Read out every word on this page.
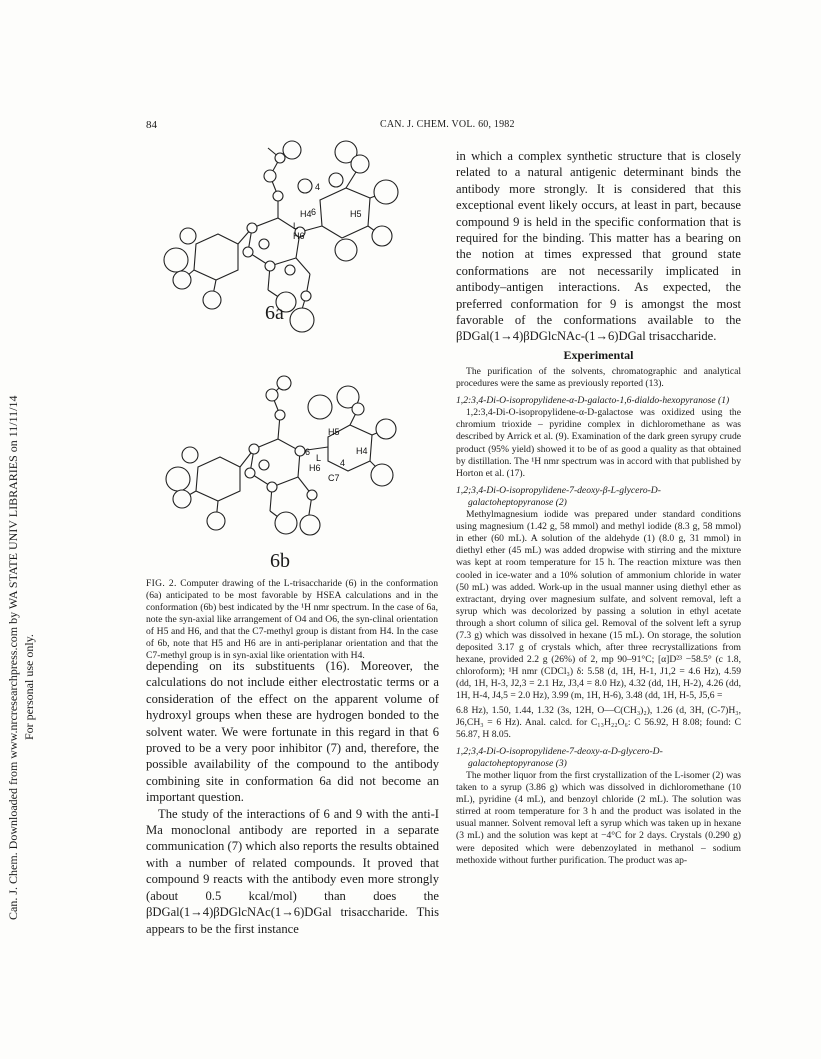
84	CAN. J. CHEM. VOL. 60, 1982
Can. J. Chem. Downloaded from www.nrcresearchpress.com by WA STATE UNIV LIBRARIES on 11/11/14 For personal use only.
4
H4	H5
L
H6
6
6a
H5
6
L
H6
H4
4
C7
6b
FIG. 2. Computer drawing of the L-trisaccharide (6) in the conformation (6a) anticipated to be most favorable by HSEA calculations and in the conformation (6b) best indicated by the ¹H nmr spectrum. In the case of 6a, note the syn-axial like arrangement of O4 and O6, the syn-clinal orientation of H5 and H6, and that the C7-methyl group is distant from H4. In the case of 6b, note that H5 and H6 are in anti-periplanar orientation and that the C7-methyl group is in syn-axial like orientation with H4.

depending on its substituents (16). Moreover, the calculations do not include either electrostatic terms or a consideration of the effect on the apparent volume of hydroxyl groups when these are hydrogen bonded to the solvent water. We were fortunate in this regard in that 6 proved to be a very poor inhibitor (7) and, therefore, the possible availability of the compound to the antibody combining site in conformation 6a did not become an important question.

The study of the interactions of 6 and 9 with the anti-I Ma monoclonal antibody are reported in a separate communication (7) which also reports the results obtained with a number of related compounds. It proved that compound 9 reacts with the antibody even more strongly (about 0.5 kcal/mol) than does the βDGal(1→4)βDGlcNAc(1→6)DGal trisaccharide. This appears to be the first instance

in which a complex synthetic structure that is closely related to a natural antigenic determinant binds the antibody more strongly. It is considered that this exceptional event likely occurs, at least in part, because compound 9 is held in the specific conformation that is required for the binding. This matter has a bearing on the notion at times expressed that ground state conformations are not necessarily implicated in antibody–antigen interactions. As expected, the preferred conformation for 9 is amongst the most favorable of the conformations available to the βDGal(1→4)βDGlcNAc-(1→6)DGal trisaccharide.

Experimental

The purification of the solvents, chromatographic and analytical procedures were the same as previously reported (13).

1,2:3,4-Di-O-isopropylidene-α-D-galacto-1,6-dialdo-hexopyranose (1)

1,2:3,4-Di-O-isopropylidene-α-D-galactose was oxidized using the chromium trioxide – pyridine complex in dichloromethane as was described by Arrick et al. (9). Examination of the dark green syrupy crude product (95% yield) showed it to be of as good a quality as that obtained by distillation. The ¹H nmr spectrum was in accord with that published by Horton et al. (17).

1,2;3,4-Di-O-isopropylidene-7-deoxy-β-L-glycero-D-galactoheptopyranose (2)

Methylmagnesium iodide was prepared under standard conditions using magnesium (1.42 g, 58 mmol) and methyl iodide (8.3 g, 58 mmol) in ether (60 mL). A solution of the aldehyde (1) (8.0 g, 31 mmol) in diethyl ether (45 mL) was added dropwise with stirring and the mixture was kept at room temperature for 15 h. The reaction mixture was then cooled in ice-water and a 10% solution of ammonium chloride in water (50 mL) was added. Work-up in the usual manner using diethyl ether as extractant, drying over magnesium sulfate, and solvent removal, left a syrup which was decolorized by passing a solution in ethyl acetate through a short column of silica gel. Removal of the solvent left a syrup (7.3 g) which was dissolved in hexane (15 mL). On storage, the solution deposited 3.17 g of crystals which, after three recrystallizations from hexane, provided 2.2 g (26%) of 2, mp 90–91°C; [α]D²³ −58.5° (c 1.8, chloroform); ¹H nmr (CDCl₃) δ: 5.58 (d, 1H, H-1, J1,2 = 4.6 Hz), 4.59 (dd, 1H, H-3, J2,3 = 2.1 Hz, J3,4 = 8.0 Hz), 4.32 (dd, 1H, H-2), 4.26 (dd, 1H, H-4, J4,5 = 2.0 Hz), 3.99 (m, 1H, H-6), 3.48 (dd, 1H, H-5, J5,6 =

6.8 Hz), 1.50, 1.44, 1.32 (3s, 12H, O—C(CH₃)₂), 1.26 (d, 3H, (C-7)H₃, J6,CH₃ = 6 Hz). Anal. calcd. for C₁₃H₂₂O₆: C 56.92, H 8.08; found: C 56.87, H 8.05.

1,2;3,4-Di-O-isopropylidene-7-deoxy-α-D-glycero-D-galactoheptopyranose (3)

The mother liquor from the first crystallization of the L-isomer (2) was taken to a syrup (3.86 g) which was dissolved in dichloromethane (10 mL), pyridine (4 mL), and benzoyl chloride (2 mL). The solution was stirred at room temperature for 3 h and the product was isolated in the usual manner. Solvent removal left a syrup which was taken up in hexane (3 mL) and the solution was kept at −4°C for 2 days. Crystals (0.290 g) were deposited which were debenzoylated in methanol – sodium methoxide without further purification. The product was ap-
